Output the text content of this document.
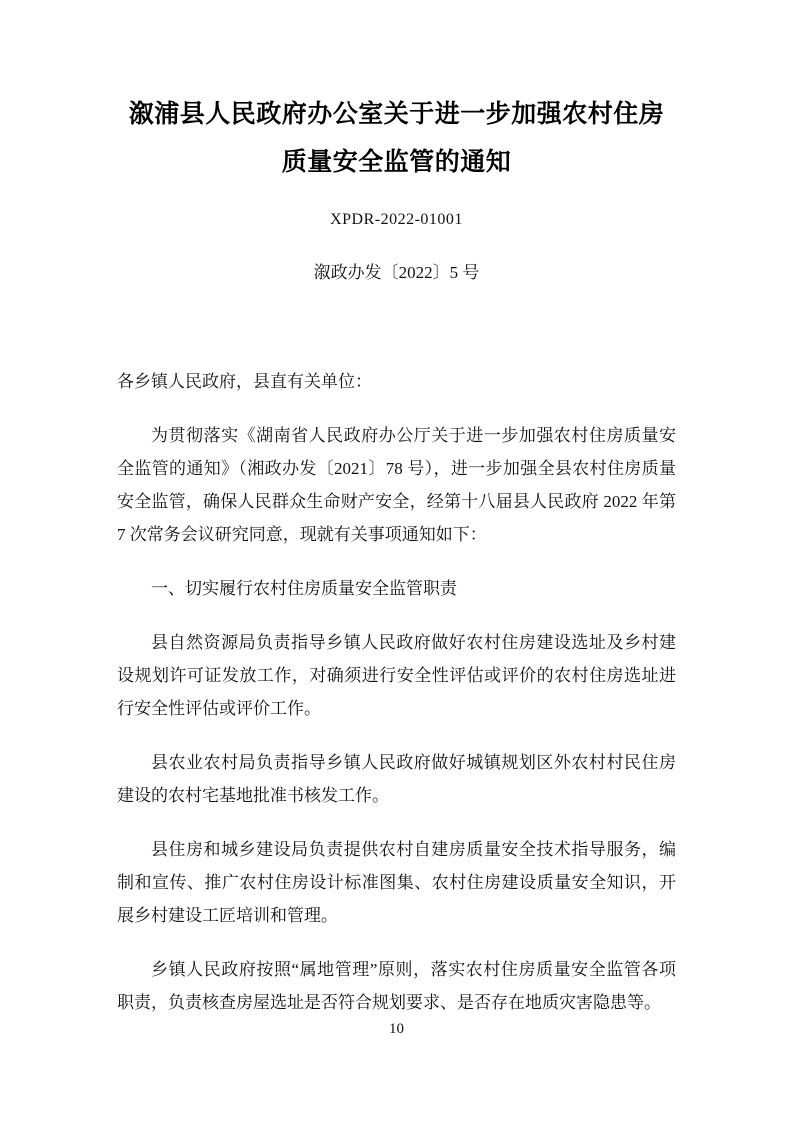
溆浦县人民政府办公室关于进一步加强农村住房质量安全监管的通知
XPDR-2022-01001
溆政办发〔2022〕5 号

各乡镇人民政府，县直有关单位：

为贯彻落实《湖南省人民政府办公厅关于进一步加强农村住房质量安全监管的通知》（湘政办发〔2021〕78 号），进一步加强全县农村住房质量安全监管，确保人民群众生命财产安全，经第十八届县人民政府 2022 年第 7 次常务会议研究同意，现就有关事项通知如下：

一、切实履行农村住房质量安全监管职责

县自然资源局负责指导乡镇人民政府做好农村住房建设选址及乡村建设规划许可证发放工作，对确须进行安全性评估或评价的农村住房选址进行安全性评估或评价工作。

县农业农村局负责指导乡镇人民政府做好城镇规划区外农村村民住房建设的农村宅基地批准书核发工作。

县住房和城乡建设局负责提供农村自建房质量安全技术指导服务，编制和宣传、推广农村住房设计标准图集、农村住房建设质量安全知识，开展乡村建设工匠培训和管理。

乡镇人民政府按照“属地管理”原则，落实农村住房质量安全监管各项职责，负责核查房屋选址是否符合规划要求、是否存在地质灾害隐患等。

10
